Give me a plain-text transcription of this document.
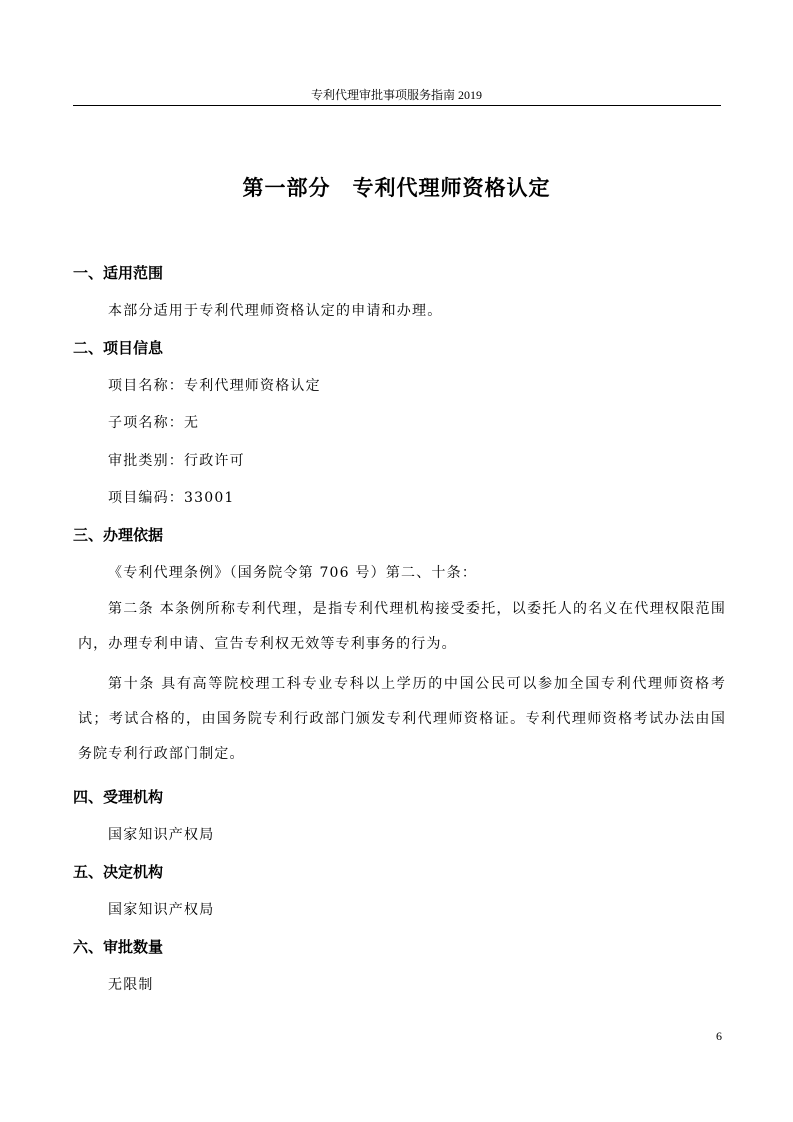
专利代理审批事项服务指南 2019
第一部分 专利代理师资格认定
一、适用范围
本部分适用于专利代理师资格认定的申请和办理。
二、项目信息
项目名称：专利代理师资格认定
子项名称：无
审批类别：行政许可
项目编码：33001
三、办理依据
《专利代理条例》（国务院令第 706 号）第二、十条：
第二条 本条例所称专利代理，是指专利代理机构接受委托，以委托人的名义在代理权限范围内，办理专利申请、宣告专利权无效等专利事务的行为。
第十条 具有高等院校理工科专业专科以上学历的中国公民可以参加全国专利代理师资格考试；考试合格的，由国务院专利行政部门颁发专利代理师资格证。专利代理师资格考试办法由国务院专利行政部门制定。
四、受理机构
国家知识产权局
五、决定机构
国家知识产权局
六、审批数量
无限制
6
